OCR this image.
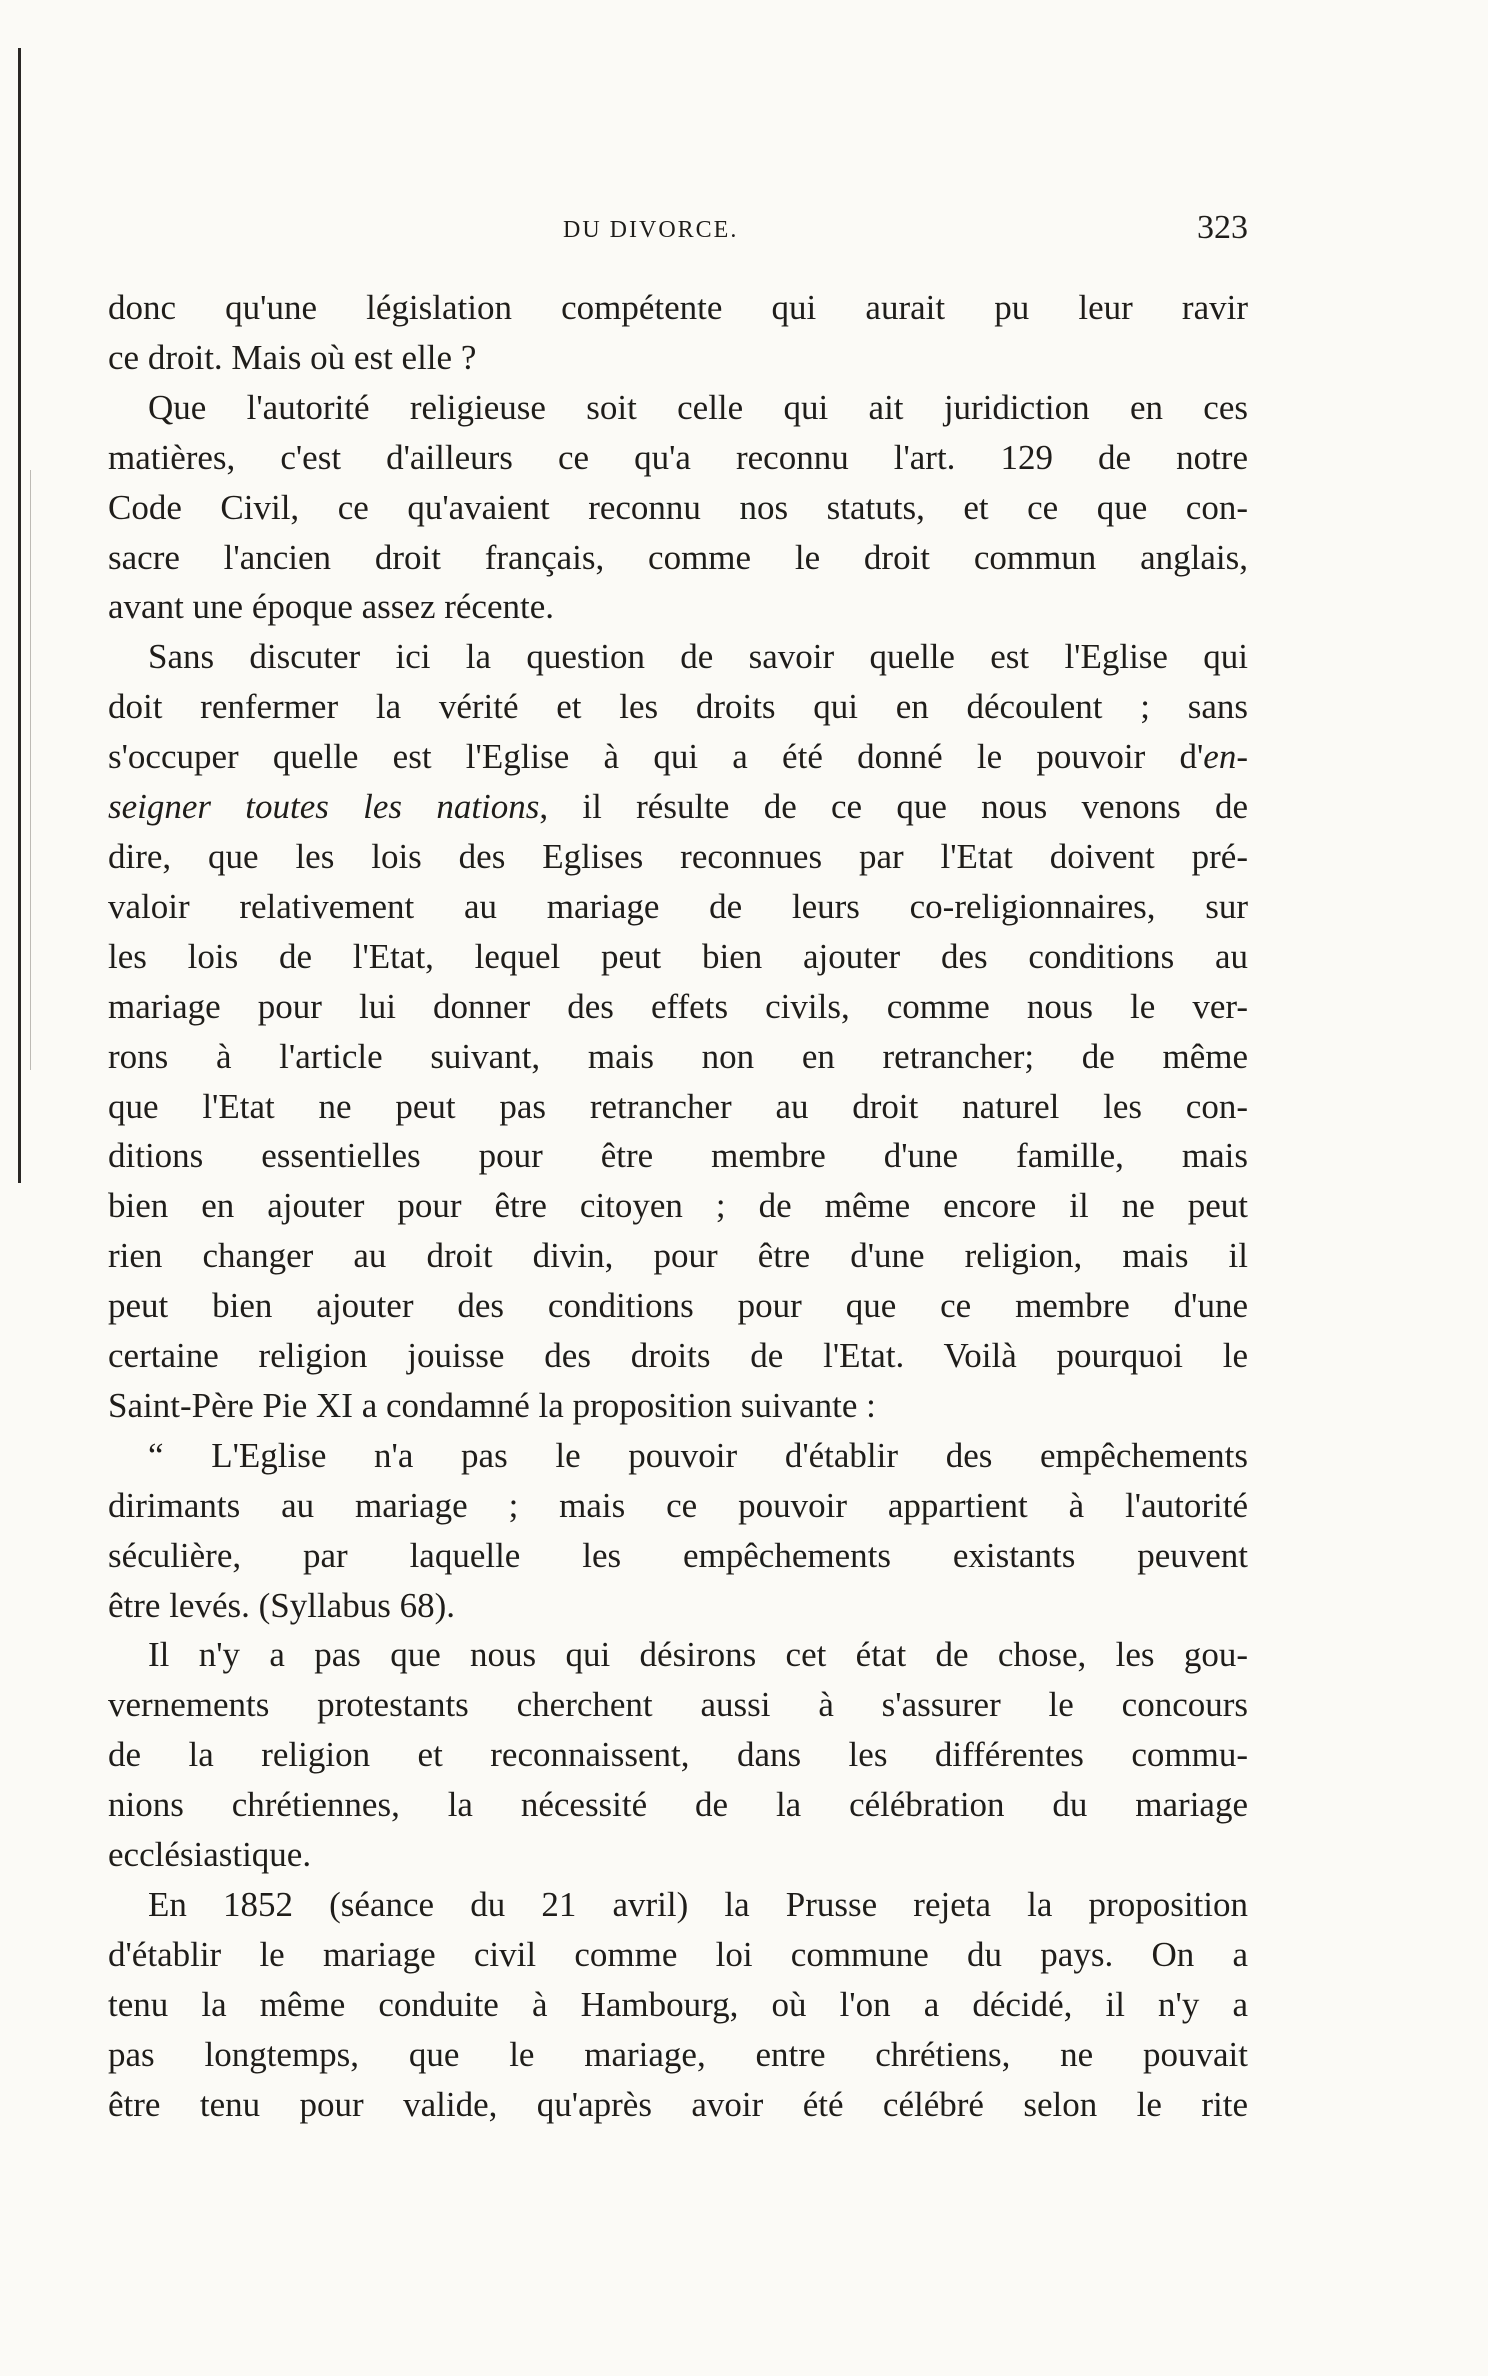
DU DIVORCE.	323
donc qu'une législation compétente qui aurait pu leur ravir
ce droit. Mais où est elle ?
Que l'autorité religieuse soit celle qui ait juridiction en ces
matières, c'est d'ailleurs ce qu'a reconnu l'art. 129 de notre
Code Civil, ce qu'avaient reconnu nos statuts, et ce que con-
sacre l'ancien droit français, comme le droit commun anglais,
avant une époque assez récente.
Sans discuter ici la question de savoir quelle est l'Eglise qui
doit renfermer la vérité et les droits qui en découlent ; sans
s'occuper quelle est l'Eglise à qui a été donné le pouvoir d'en-
seigner toutes les nations, il résulte de ce que nous venons de
dire, que les lois des Eglises reconnues par l'Etat doivent pré-
valoir relativement au mariage de leurs co-religionnaires, sur
les lois de l'Etat, lequel peut bien ajouter des conditions au
mariage pour lui donner des effets civils, comme nous le ver-
rons à l'article suivant, mais non en retrancher; de même
que l'Etat ne peut pas retrancher au droit naturel les con-
ditions essentielles pour être membre d'une famille, mais
bien en ajouter pour être citoyen ; de même encore il ne peut
rien changer au droit divin, pour être d'une religion, mais il
peut bien ajouter des conditions pour que ce membre d'une
certaine religion jouisse des droits de l'Etat. Voilà pourquoi le
Saint-Père Pie XI a condamné la proposition suivante :
“ L'Eglise n'a pas le pouvoir d'établir des empêchements
dirimants au mariage ; mais ce pouvoir appartient à l'autorité
séculière, par laquelle les empêchements existants peuvent
être levés. (Syllabus 68).
Il n'y a pas que nous qui désirons cet état de chose, les gou-
vernements protestants cherchent aussi à s'assurer le concours
de la religion et reconnaissent, dans les différentes commu-
nions chrétiennes, la nécessité de la célébration du mariage
ecclésiastique.
En 1852 (séance du 21 avril) la Prusse rejeta la proposition
d'établir le mariage civil comme loi commune du pays. On a
tenu la même conduite à Hambourg, où l'on a décidé, il n'y a
pas longtemps, que le mariage, entre chrétiens, ne pouvait
être tenu pour valide, qu'après avoir été célébré selon le rite
